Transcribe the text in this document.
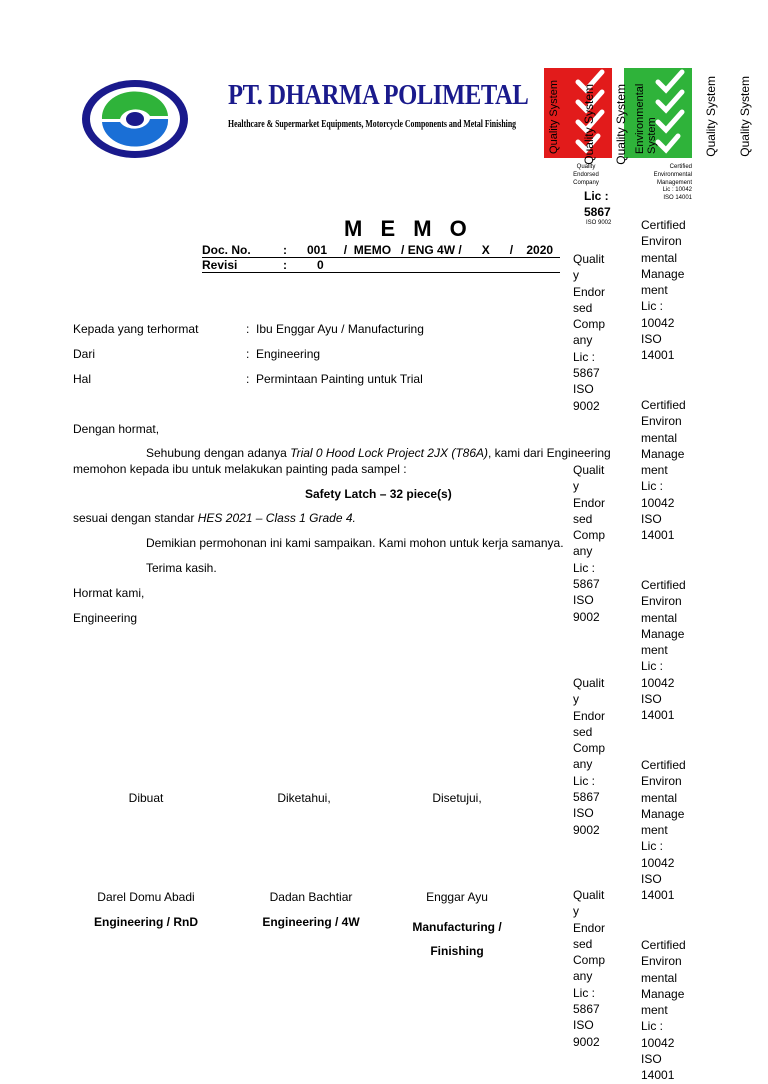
PT. DHARMA POLIMETAL
Healthcare & Supermarket Equipments, Motorcycle Components and Metal Finishing	Quality System	Environmental System
Quality System Quality System	Quality System Quality System
Quality
Endorsed
Company
Lic :
5867
ISO 9002
Certified
Environmental
Management
Lic : 10042
ISO 14001
M E M O
Doc. No.	:      001     /  MEMO   / ENG 4W /      X      /    2020
Revisi	:         0
Kepada yang terhormat	: Ibu Enggar Ayu / Manufacturing
Dari	: Engineering
Hal	: Permintaan Painting untuk Trial
Dengan hormat,
Sehubung dengan adanya Trial 0 Hood Lock Project 2JX (T86A), kami dari Engineering
memohon kepada ibu untuk melakukan painting pada sampel :
Safety Latch – 32 piece(s)
sesuai dengan standar HES 2021 – Class 1 Grade 4.
Demikian permohonan ini kami sampaikan. Kami mohon untuk kerja samanya.
Terima kasih.
Hormat kami,
Engineering
Dibuat	Diketahui,	Disetujui,
Darel Domu Abadi	Dadan Bachtiar	Enggar Ayu
Engineering / RnD	Engineering / 4W	Manufacturing /
Finishing
Qualit
y
Endor
sed
Comp
any
Lic :
5867
ISO
9002
Certified
Environ
mental
Manage
ment
Lic :
10042
ISO
14001
Certified
Environ
mental
Manage
ment
Lic :
10042
ISO
14001
Qualit
y
Endor
sed
Comp
any
Lic :
5867
ISO
9002
Certified
Environ
mental
Manage
ment
Lic :
10042
ISO
14001
Qualit
y
Endor
sed
Comp
any
Lic :
5867
ISO
9002
Certified
Environ
mental
Manage
ment
Lic :
10042
ISO
14001
Qualit
y
Endor
sed
Comp
any
Lic :
5867
ISO
9002
Certified
Environ
mental
Manage
ment
Lic :
10042
ISO
14001
